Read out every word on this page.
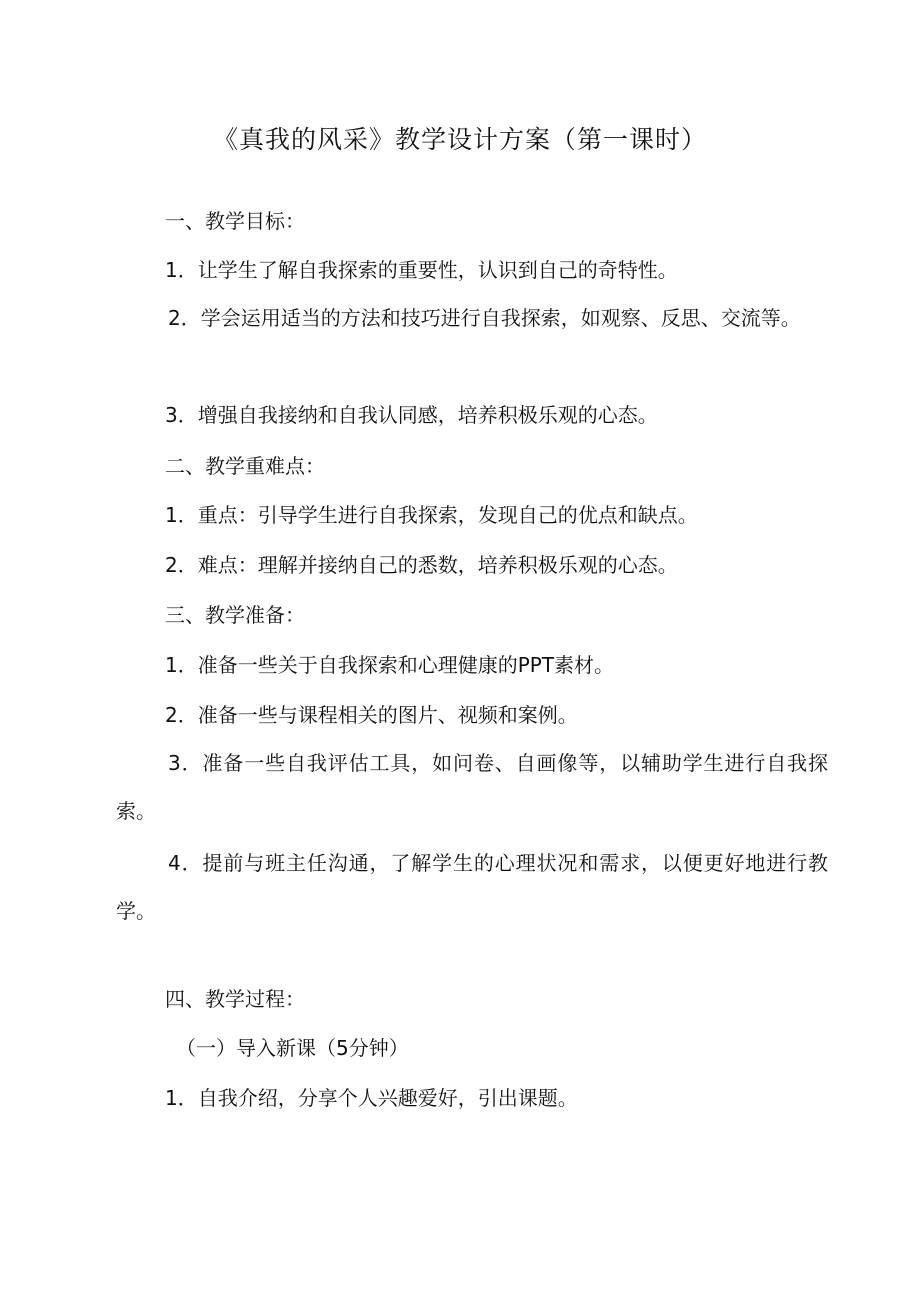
《真我的风采》教学设计方案（第一课时）
一、教学目标：
1．让学生了解自我探索的重要性，认识到自己的奇特性。
2．学会运用适当的方法和技巧进行自我探索，如观察、反思、交流等。
3．增强自我接纳和自我认同感，培养积极乐观的心态。
二、教学重难点：
1．重点：引导学生进行自我探索，发现自己的优点和缺点。
2．难点：理解并接纳自己的悉数，培养积极乐观的心态。
三、教学准备：
1．准备一些关于自我探索和心理健康的PPT素材。
2．准备一些与课程相关的图片、视频和案例。
3．准备一些自我评估工具，如问卷、自画像等，以辅助学生进行自我探索。
4．提前与班主任沟通，了解学生的心理状况和需求，以便更好地进行教学。
四、教学过程：
（一）导入新课（5分钟）
1．自我介绍，分享个人兴趣爱好，引出课题。
